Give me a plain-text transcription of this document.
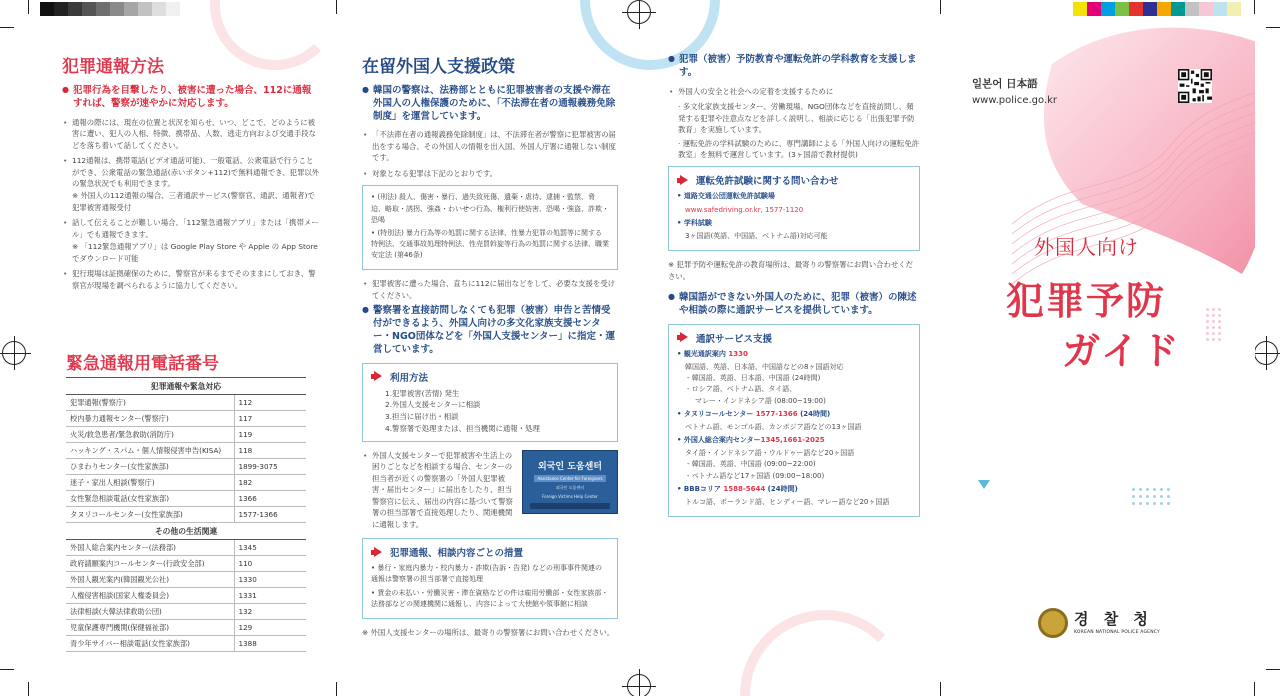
犯罪通報方法
● 犯罪行為を目撃したり、被害に遭った場合、112に通報すれば、警察が速やかに対応します。
• 通報の際には、現在の位置と状況を知らせ、いつ、どこで、どのように被害に遭い、犯人の人相、特徴、携帯品、人数、逃走方向および交通手段などを落ち着いて話してください。
• 112通報は、携帯電話(ビデオ通話可能)、一般電話、公衆電話で行うことができ、公衆電話の緊急通話(赤いボタン+112)で無料通報でき、犯罪以外の緊急状況でも利用できます。
※ 外国人の112通報の場合、三者通訳サービス(警察官、通訳、通報者)で犯罪被害通報受付
• 話して伝えることが難しい場合、「112緊急通報アプリ」または「携帯メール」でも通報できます。
※ 「112緊急通報アプリ」は Google Play Store や Apple の App Store でダウンロード可能
• 犯行現場は証拠確保のために、警察官が来るまでそのままにしておき、警察官が現場を調べられるように協力してください。
緊急通報用電話番号
犯罪通報や緊急対応	
犯罪通報(警察庁)	112
校内暴力通報センター(警察庁)	117
火災/救急患者/緊急救助(消防庁)	119
ハッキング・スパム・個人情報侵害申告(KISA)	118
ひまわりセンター(女性家族部)	1899-3075
迷子・家出人相談(警察庁)	182
女性緊急相談電話(女性家族部)	1366
タヌリコールセンター(女性家族部)	1577-1366
その他の生活関連	
外国人総合案内センター(法務部)	1345
政府請願案内コールセンター(行政安全部)	110
外国人観光案内(韓国観光公社)	1330
人権侵害相談(国家人権委員会)	1331
法律相談(大韓法律救助公団)	132
児童保護専門機関(保健福祉部)	129
青少年サイバー相談電話(女性家族部)	1388
在留外国人支援政策
● 韓国の警察は、法務部とともに犯罪被害者の支援や滞在外国人の人権保護のために、「不法滞在者の通報義務免除制度」を運営しています。
• 「不法滞在者の通報義務免除制度」は、不法滞在者が警察に犯罪被害の届出をする場合、その外国人の情報を出入国、外国人庁署に通報しない制度です。
• 対象となる犯罪は下記のとおりです。
• (刑法) 殺人、傷害・暴行、過失致死傷、遺棄・虐待、逮捕・監禁、脅迫、略取・誘拐、強姦・わいせつ行為、権利行使妨害、恐喝・強盗、詐欺・恐喝
• (特別法) 暴力行為等の処罰に関する法律、性暴力犯罪の処罰等に関する特例法、交通事故処理特例法、性売買斡旋等行為の処罰に関する法律、職業安定法 (第46条)
• 犯罪被害に遭った場合、直ちに112に届出などをして、必要な支援を受けてください。
● 警察署を直接訪問しなくても犯罪（被害）申告と苦情受付ができるよう、外国人向けの多文化家族支援センター・NGO団体などを「外国人支援センター」に指定・運営しています。
利用方法
1.犯罪被害(苦情) 発生
2.外国人支援センターに相談
3.担当に届け出・相談
4.警察署で処理または、担当機関に通報・処理
• 外国人支援センターで犯罪被害や生活上の困りごとなどを相談する場合、センターの担当者が近くの警察署の「外国人犯罪被害・届出センター」に届出をしたり、担当警察官に伝え、届出の内容に基づいて警察署の担当部署で直接処理したり、関連機関に通報します。
외국인 도움센터
Assistance Center for Foreigners
외국인 도움센터
Foreign Victims Help Center
犯罪通報、相談内容ごとの措置
• 暴行・家庭内暴力・校内暴力・詐欺(告訴・告発) などの刑事事件関連の通報は警察署の担当部署で直接処理
• 賃金の未払い・労働災害・滞在資格などの件は雇用労働部・女性家族部・法務部などの関連機関に通報し、内容によって大使館や領事館に相談
※ 外国人支援センターの場所は、最寄りの警察署にお問い合わせください。
● 犯罪（被害）予防教育や運転免許の学科教育を支援します。
• 外国人の安全と社会への定着を支援するために
· 多文化家族支援センター、労働現場、NGO団体などを直接訪問し、頻発する犯罪や注意点などを詳しく説明し、相談に応じる「出張犯罪予防教育」を実施しています。
· 運転免許の学科試験のために、専門講師による「外国人向けの運転免許教室」を無料で運営しています。(3ヶ国語で教材提供)
運転免許試験に関する問い合わせ
• 道路交通公団運転免許試験場
www.safedriving.or.kr, 1577-1120
• 学科試験
3ヶ国語(英語、中国語、ベトナム語)対応可能
※ 犯罪予防や運転免許の教育場所は、最寄りの警察署にお問い合わせください。
● 韓国語ができない外国人のために、犯罪（被害）の陳述や相談の際に通訳サービスを提供しています。
通訳サービス支援
• 観光通訳案内 1330
韓国語、英語、日本語、中国語などの8ヶ国語対応
- 韓国語、英語、日本語、中国語 (24時間)
- ロシア語、ベトナム語、タイ語、
マレー・インドネシア語 (08:00~19:00)
• タヌリコールセンター 1577-1366 (24時間)
ベトナム語、モンゴル語、カンボジア語などの13ヶ国語
• 外国人総合案内センター1345,1661-2025
タイ語・インドネシア語・ウルドゥー語など20ヶ国語
- 韓国語、英語、中国語 (09:00~22:00)
- ベトナム語など17ヶ国語 (09:00~18:00)
• BBBコリア 1588-5644 (24時間)
トルコ語、ポーランド語、ヒンディー語、マレー語など20ヶ国語
일본어 日本語
www.police.go.kr
外国人向け
犯罪予防
ガイド
경 찰 청
KOREAN NATIONAL POLICE AGENCY
